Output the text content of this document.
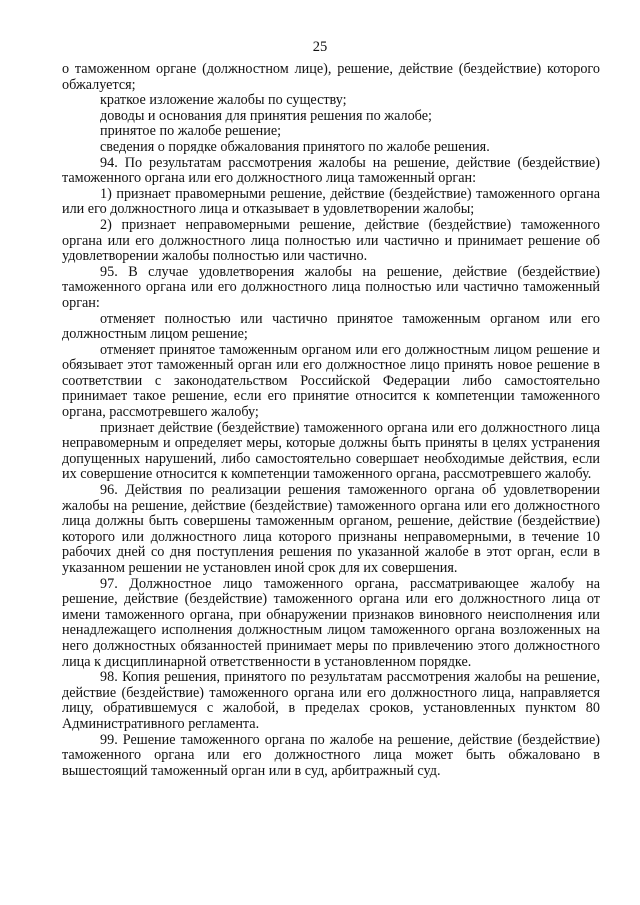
25

о таможенном органе (должностном лице), решение, действие (бездействие) которого обжалуется;

краткое изложение жалобы по существу;

доводы и основания для принятия решения по жалобе;

принятое по жалобе решение;

сведения о порядке обжалования принятого по жалобе решения.

94. По результатам рассмотрения жалобы на решение, действие (бездействие) таможенного органа или его должностного лица таможенный орган:

1) признает правомерными решение, действие (бездействие) таможенного органа или его должностного лица и отказывает в удовлетворении жалобы;

2) признает неправомерными решение, действие (бездействие) таможенного органа или его должностного лица полностью или частично и принимает решение об удовлетворении жалобы полностью или частично.

95. В случае удовлетворения жалобы на решение, действие (бездействие) таможенного органа или его должностного лица полностью или частично таможенный орган:

отменяет полностью или частично принятое таможенным органом или его должностным лицом решение;

отменяет принятое таможенным органом или его должностным лицом решение и обязывает этот таможенный орган или его должностное лицо принять новое решение в соответствии с законодательством Российской Федерации либо самостоятельно принимает такое решение, если его принятие относится к компетенции таможенного органа, рассмотревшего жалобу;

признает действие (бездействие) таможенного органа или его должностного лица неправомерным и определяет меры, которые должны быть приняты в целях устранения допущенных нарушений, либо самостоятельно совершает необходимые действия, если их совершение относится к компетенции таможенного органа, рассмотревшего жалобу.

96. Действия по реализации решения таможенного органа об удовлетворении жалобы на решение, действие (бездействие) таможенного органа или его должностного лица должны быть совершены таможенным органом, решение, действие (бездействие) которого или должностного лица которого признаны неправомерными, в течение 10 рабочих дней со дня поступления решения по указанной жалобе в этот орган, если в указанном решении не установлен иной срок для их совершения.

97. Должностное лицо таможенного органа, рассматривающее жалобу на решение, действие (бездействие) таможенного органа или его должностного лица от имени таможенного органа, при обнаружении признаков виновного неисполнения или ненадлежащего исполнения должностным лицом таможенного органа возложенных на него должностных обязанностей принимает меры по привлечению этого должностного лица к дисциплинарной ответственности в установленном порядке.

98. Копия решения, принятого по результатам рассмотрения жалобы на решение, действие (бездействие) таможенного органа или его должностного лица, направляется лицу, обратившемуся с жалобой, в пределах сроков, установленных пунктом 80 Административного регламента.

99. Решение таможенного органа по жалобе на решение, действие (бездействие) таможенного органа или его должностного лица может быть обжаловано в вышестоящий таможенный орган или в суд, арбитражный суд.
